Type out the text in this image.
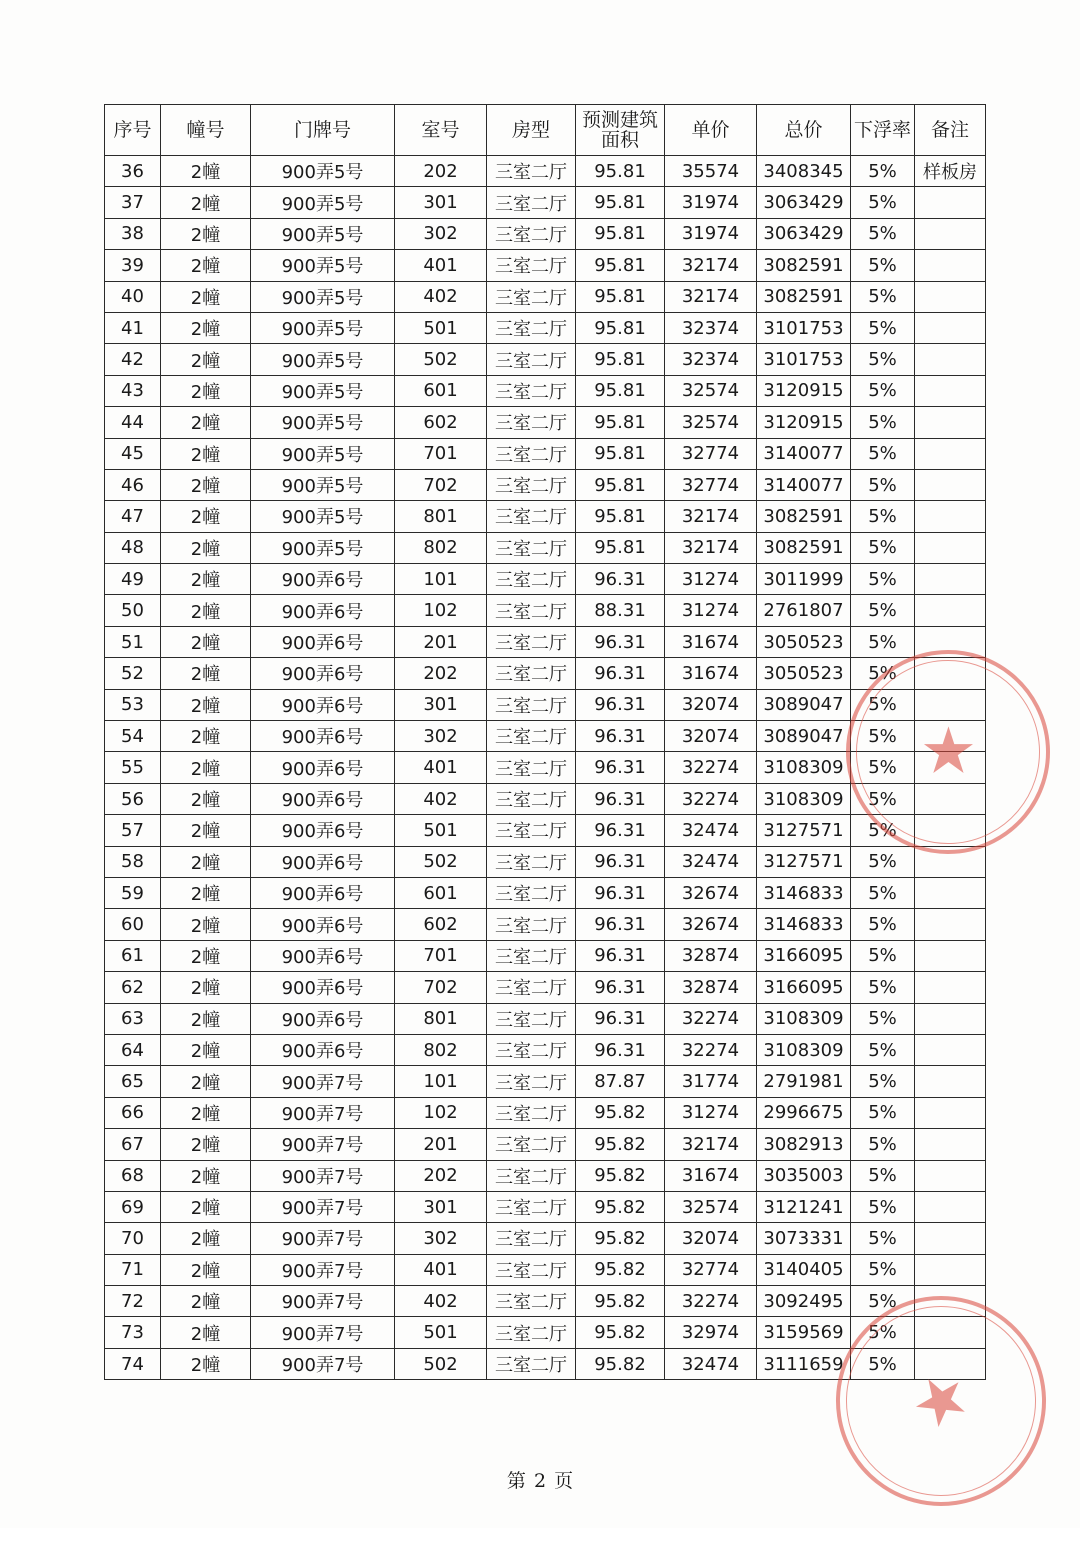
序号	幢号	门牌号	室号	房型	预测建筑面积	单价	总价	下浮率	备注
36	2幢	900弄5号	202	三室二厅	95.81	35574	3408345	5%	样板房
37	2幢	900弄5号	301	三室二厅	95.81	31974	3063429	5%	
38	2幢	900弄5号	302	三室二厅	95.81	31974	3063429	5%	
39	2幢	900弄5号	401	三室二厅	95.81	32174	3082591	5%	
40	2幢	900弄5号	402	三室二厅	95.81	32174	3082591	5%	
41	2幢	900弄5号	501	三室二厅	95.81	32374	3101753	5%	
42	2幢	900弄5号	502	三室二厅	95.81	32374	3101753	5%	
43	2幢	900弄5号	601	三室二厅	95.81	32574	3120915	5%	
44	2幢	900弄5号	602	三室二厅	95.81	32574	3120915	5%	
45	2幢	900弄5号	701	三室二厅	95.81	32774	3140077	5%	
46	2幢	900弄5号	702	三室二厅	95.81	32774	3140077	5%	
47	2幢	900弄5号	801	三室二厅	95.81	32174	3082591	5%	
48	2幢	900弄5号	802	三室二厅	95.81	32174	3082591	5%	
49	2幢	900弄6号	101	三室二厅	96.31	31274	3011999	5%	
50	2幢	900弄6号	102	三室二厅	88.31	31274	2761807	5%	
51	2幢	900弄6号	201	三室二厅	96.31	31674	3050523	5%	
52	2幢	900弄6号	202	三室二厅	96.31	31674	3050523	5%	
53	2幢	900弄6号	301	三室二厅	96.31	32074	3089047	5%	
54	2幢	900弄6号	302	三室二厅	96.31	32074	3089047	5%	
55	2幢	900弄6号	401	三室二厅	96.31	32274	3108309	5%	
56	2幢	900弄6号	402	三室二厅	96.31	32274	3108309	5%	
57	2幢	900弄6号	501	三室二厅	96.31	32474	3127571	5%	
58	2幢	900弄6号	502	三室二厅	96.31	32474	3127571	5%	
59	2幢	900弄6号	601	三室二厅	96.31	32674	3146833	5%	
60	2幢	900弄6号	602	三室二厅	96.31	32674	3146833	5%	
61	2幢	900弄6号	701	三室二厅	96.31	32874	3166095	5%	
62	2幢	900弄6号	702	三室二厅	96.31	32874	3166095	5%	
63	2幢	900弄6号	801	三室二厅	96.31	32274	3108309	5%	
64	2幢	900弄6号	802	三室二厅	96.31	32274	3108309	5%	
65	2幢	900弄7号	101	三室二厅	87.87	31774	2791981	5%	
66	2幢	900弄7号	102	三室二厅	95.82	31274	2996675	5%	
67	2幢	900弄7号	201	三室二厅	95.82	32174	3082913	5%	
68	2幢	900弄7号	202	三室二厅	95.82	31674	3035003	5%	
69	2幢	900弄7号	301	三室二厅	95.82	32574	3121241	5%	
70	2幢	900弄7号	302	三室二厅	95.82	32074	3073331	5%	
71	2幢	900弄7号	401	三室二厅	95.82	32774	3140405	5%	
72	2幢	900弄7号	402	三室二厅	95.82	32274	3092495	5%	
73	2幢	900弄7号	501	三室二厅	95.82	32974	3159569	5%	
74	2幢	900弄7号	502	三室二厅	95.82	32474	3111659	5%	
★
★
第 2 页
